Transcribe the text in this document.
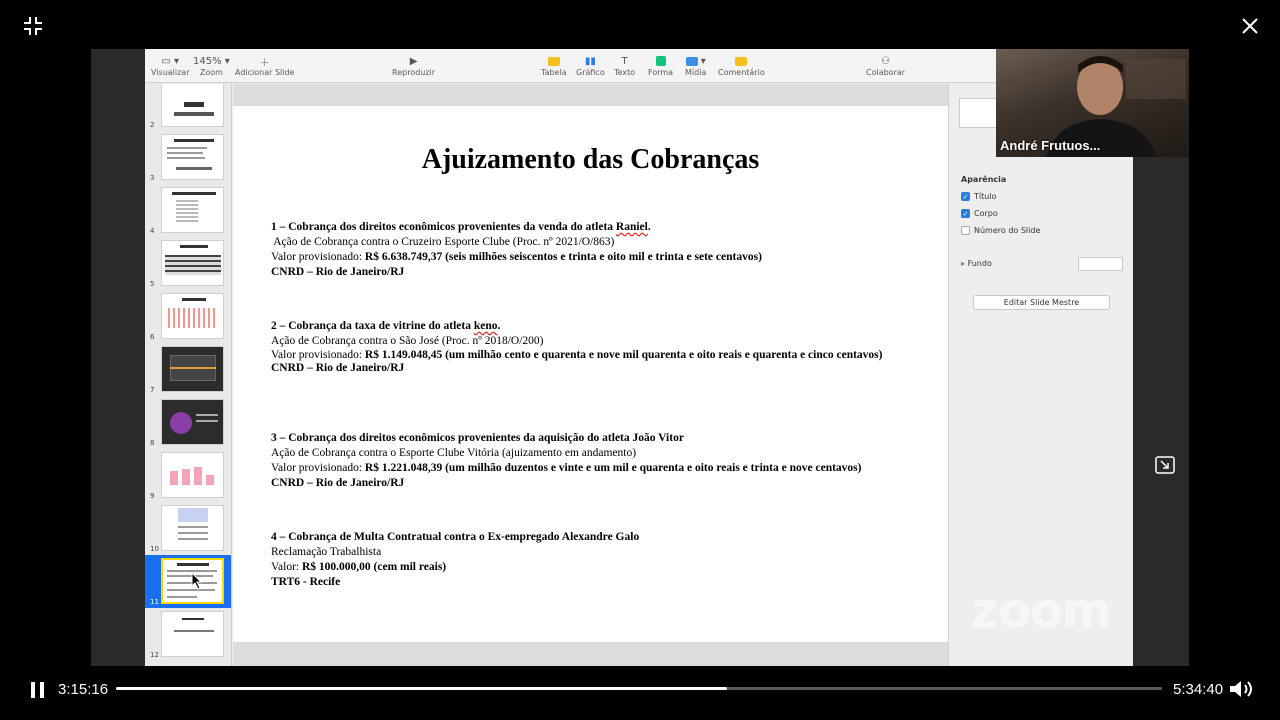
▭ ▾
Visualizar
145% ▾
Zoom
＋
Adicionar Slide
▶
Reproduzir	Tabela
▮▮
Gráfico
T
Texto Forma
▾
Mídia Comentário
⚇
Colaborar
2
3
4
5
6
7
8
9
10
11
12
Ajuizamento das Cobranças
1 – Cobrança dos direitos econômicos provenientes da venda do atleta Raniel.
Ação de Cobrança contra o Cruzeiro Esporte Clube (Proc. nº 2021/O/863)
Valor provisionado: R$ 6.638.749,37 (seis milhões seiscentos e trinta e oito mil e trinta e sete centavos)
CNRD – Rio de Janeiro/RJ
2 – Cobrança da taxa de vitrine do atleta keno.
Ação de Cobrança contra o São José (Proc. nº 2018/O/200)
Valor provisionado: R$ 1.149.048,45 (um milhão cento e quarenta e nove mil quarenta e oito reais e quarenta e cinco centavos)
CNRD – Rio de Janeiro/RJ
3 – Cobrança dos direitos econômicos provenientes da aquisição do atleta João Vitor
Ação de Cobrança contra o Esporte Clube Vitória (ajuizamento em andamento)
Valor provisionado: R$ 1.221.048,39 (um milhão duzentos e vinte e um mil e quarenta e oito reais e trinta e nove centavos)
CNRD – Rio de Janeiro/RJ
4 – Cobrança de Multa Contratual contra o Ex-empregado Alexandre Galo
Reclamação Trabalhista
Valor: R$ 100.000,00 (cem mil reais)
TRT6 - Recife
Aparência
✓ Título
✓ Corpo
Número do Slide
▸ Fundo
Editar Slide Mestre
André Frutuos...
zoom
3:15:16	5:34:40
